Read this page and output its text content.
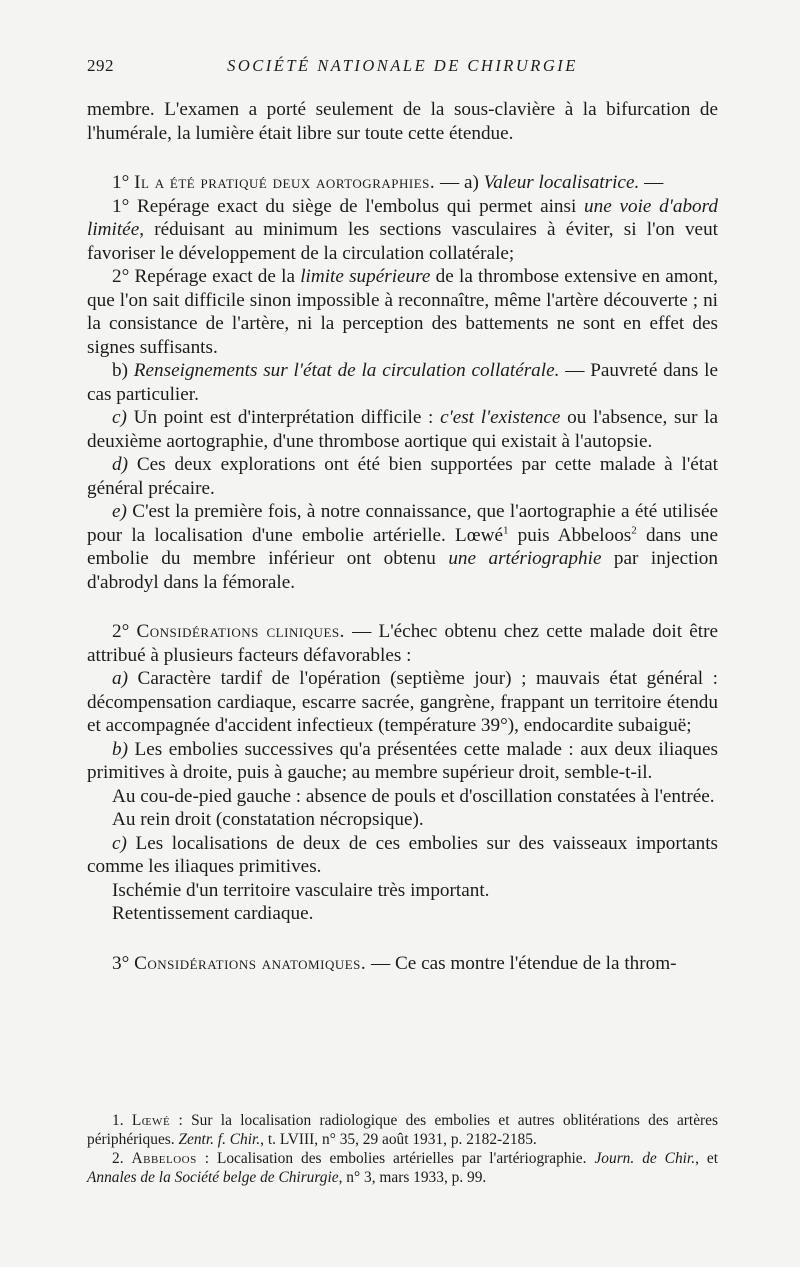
292	SOCIÉTÉ NATIONALE DE CHIRURGIE

membre. L'examen a porté seulement de la sous-clavière à la bifurcation de l'humérale, la lumière était libre sur toute cette étendue.

1° Il a été pratiqué deux aortographies. — a) Valeur localisatrice. —

1° Repérage exact du siège de l'embolus qui permet ainsi une voie d'abord limitée, réduisant au minimum les sections vasculaires à éviter, si l'on veut favoriser le développement de la circulation collatérale;

2° Repérage exact de la limite supérieure de la thrombose extensive en amont, que l'on sait difficile sinon impossible à reconnaître, même l'artère découverte ; ni la consistance de l'artère, ni la perception des battements ne sont en effet des signes suffisants.

b) Renseignements sur l'état de la circulation collatérale. — Pauvreté dans le cas particulier.

c) Un point est d'interprétation difficile : c'est l'existence ou l'absence, sur la deuxième aortographie, d'une thrombose aortique qui existait à l'autopsie.

d) Ces deux explorations ont été bien supportées par cette malade à l'état général précaire.

e) C'est la première fois, à notre connaissance, que l'aortographie a été utilisée pour la localisation d'une embolie artérielle. Lœwé$^1$ puis Abbeloos$^2$ dans une embolie du membre inférieur ont obtenu une artériographie par injection d'abrodyl dans la fémorale.

2° Considérations cliniques. — L'échec obtenu chez cette malade doit être attribué à plusieurs facteurs défavorables :

a) Caractère tardif de l'opération (septième jour) ; mauvais état général : décompensation cardiaque, escarre sacrée, gangrène, frappant un territoire étendu et accompagnée d'accident infectieux (température 39°), endocardite subaiguë;

b) Les embolies successives qu'a présentées cette malade : aux deux iliaques primitives à droite, puis à gauche; au membre supérieur droit, semble-t-il.

Au cou-de-pied gauche : absence de pouls et d'oscillation constatées à l'entrée.

Au rein droit (constatation nécropsique).

c) Les localisations de deux de ces embolies sur des vaisseaux importants comme les iliaques primitives.

Ischémie d'un territoire vasculaire très important.

Retentissement cardiaque.

3° Considérations anatomiques. — Ce cas montre l'étendue de la throm-

1. Lœwé : Sur la localisation radiologique des embolies et autres oblitérations des artères périphériques. Zentr. f. Chir., t. LVIII, n° 35, 29 août 1931, p. 2182-2185.

2. Abbeloos : Localisation des embolies artérielles par l'artériographie. Journ. de Chir., et Annales de la Société belge de Chirurgie, n° 3, mars 1933, p. 99.
